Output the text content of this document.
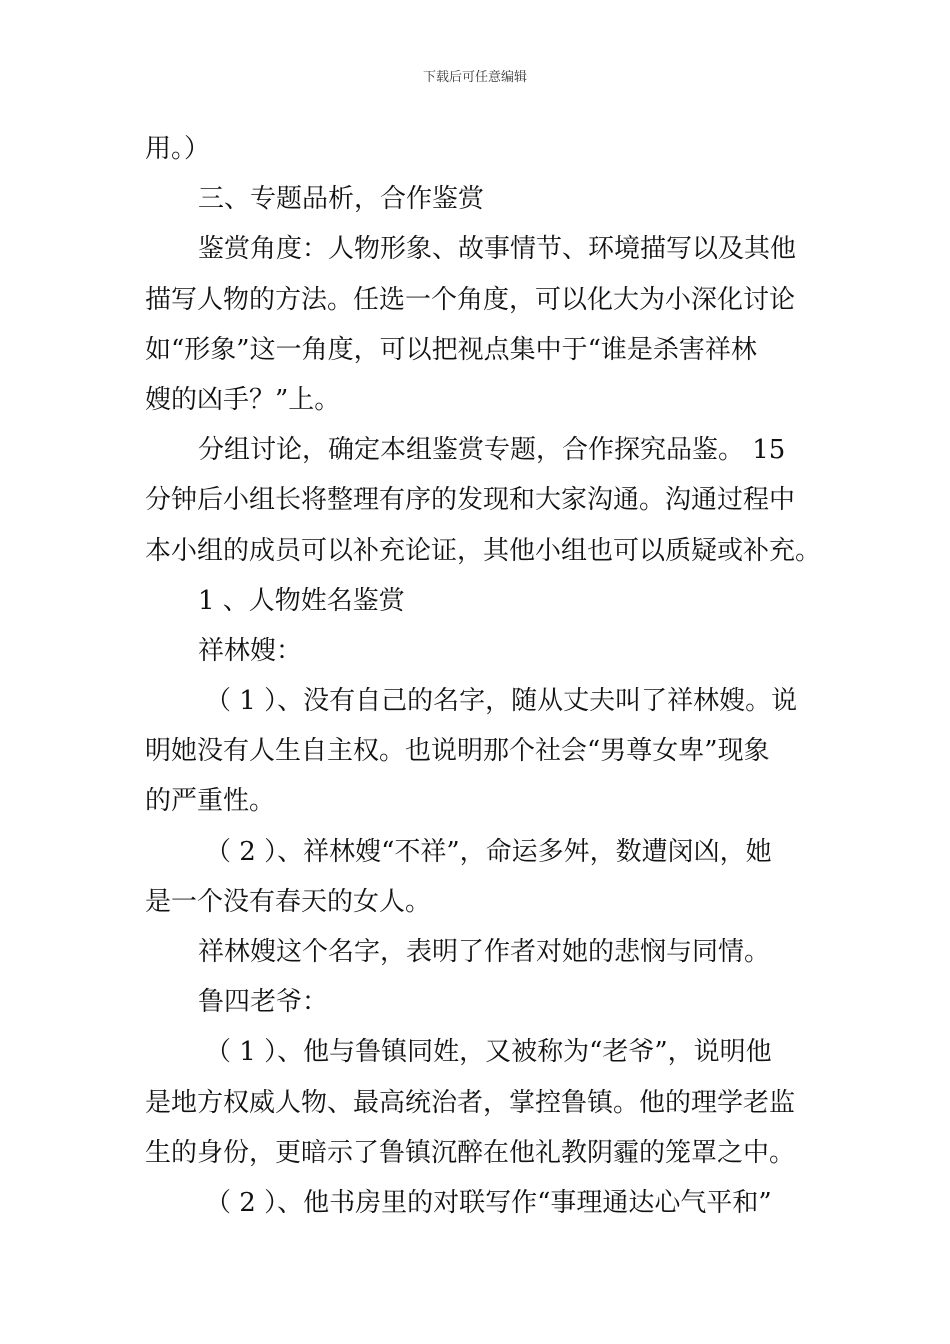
下载后可任意编辑
用。）
三、专题品析，合作鉴赏
鉴赏角度：人物形象、故事情节、环境描写以及其他
描写人物的方法。任选一个角度，可以化大为小深化讨论
如“形象”这一角度，可以把视点集中于“谁是杀害祥林
嫂的凶手？”上。
分组讨论，确定本组鉴赏专题，合作探究品鉴。 15
分钟后小组长将整理有序的发现和大家沟通。沟通过程中
本小组的成员可以补充论证，其他小组也可以质疑或补充。
1 、人物姓名鉴赏
祥林嫂：
（ 1 ）、没有自己的名字，随从丈夫叫了祥林嫂。说
明她没有人生自主权。也说明那个社会“男尊女卑”现象
的严重性。
（ 2 ）、祥林嫂“不祥”，命运多舛，数遭闵凶，她
是一个没有春天的女人。
祥林嫂这个名字，表明了作者对她的悲悯与同情。
鲁四老爷：
（ 1 ）、他与鲁镇同姓，又被称为“老爷”，说明他
是地方权威人物、最高统治者，掌控鲁镇。他的理学老监
生的身份，更暗示了鲁镇沉醉在他礼教阴霾的笼罩之中。
（ 2 ）、他书房里的对联写作“事理通达心气平和”
